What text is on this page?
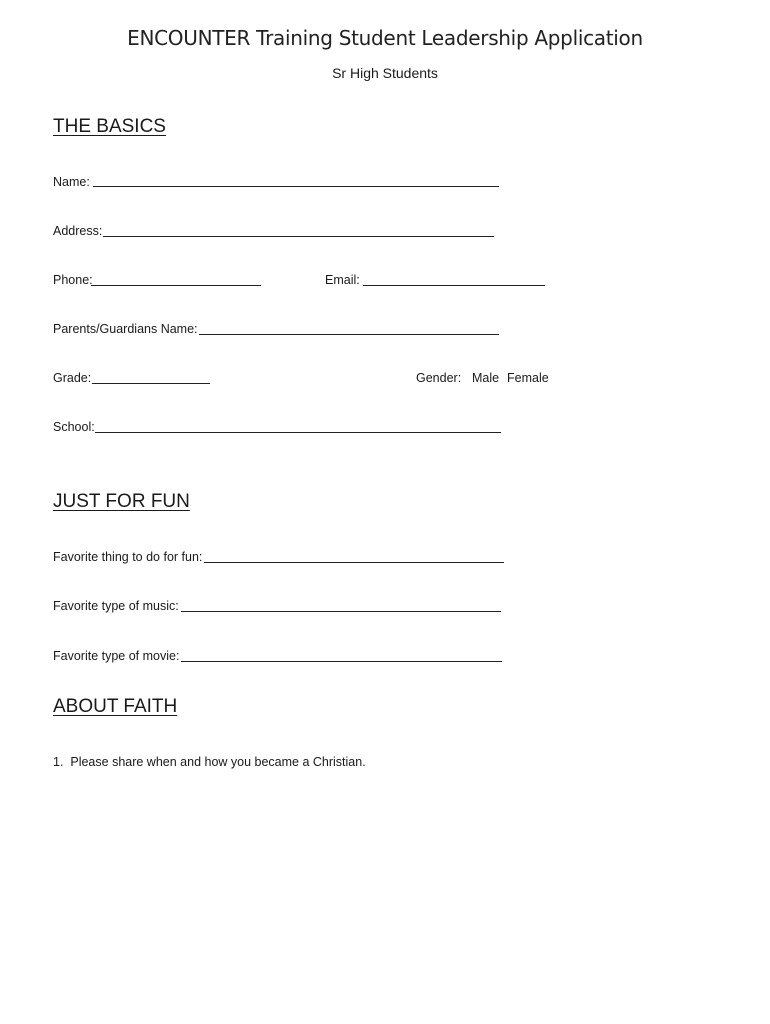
ENCOUNTER Training Student Leadership Application
Sr High Students
THE BASICS
Name:
Address:
Phone:	Email:
Parents/Guardians Name:
Grade:	Gender: Male Female
School:
JUST FOR FUN
Favorite thing to do for fun:
Favorite type of music:
Favorite type of movie:
ABOUT FAITH
1.  Please share when and how you became a Christian.
